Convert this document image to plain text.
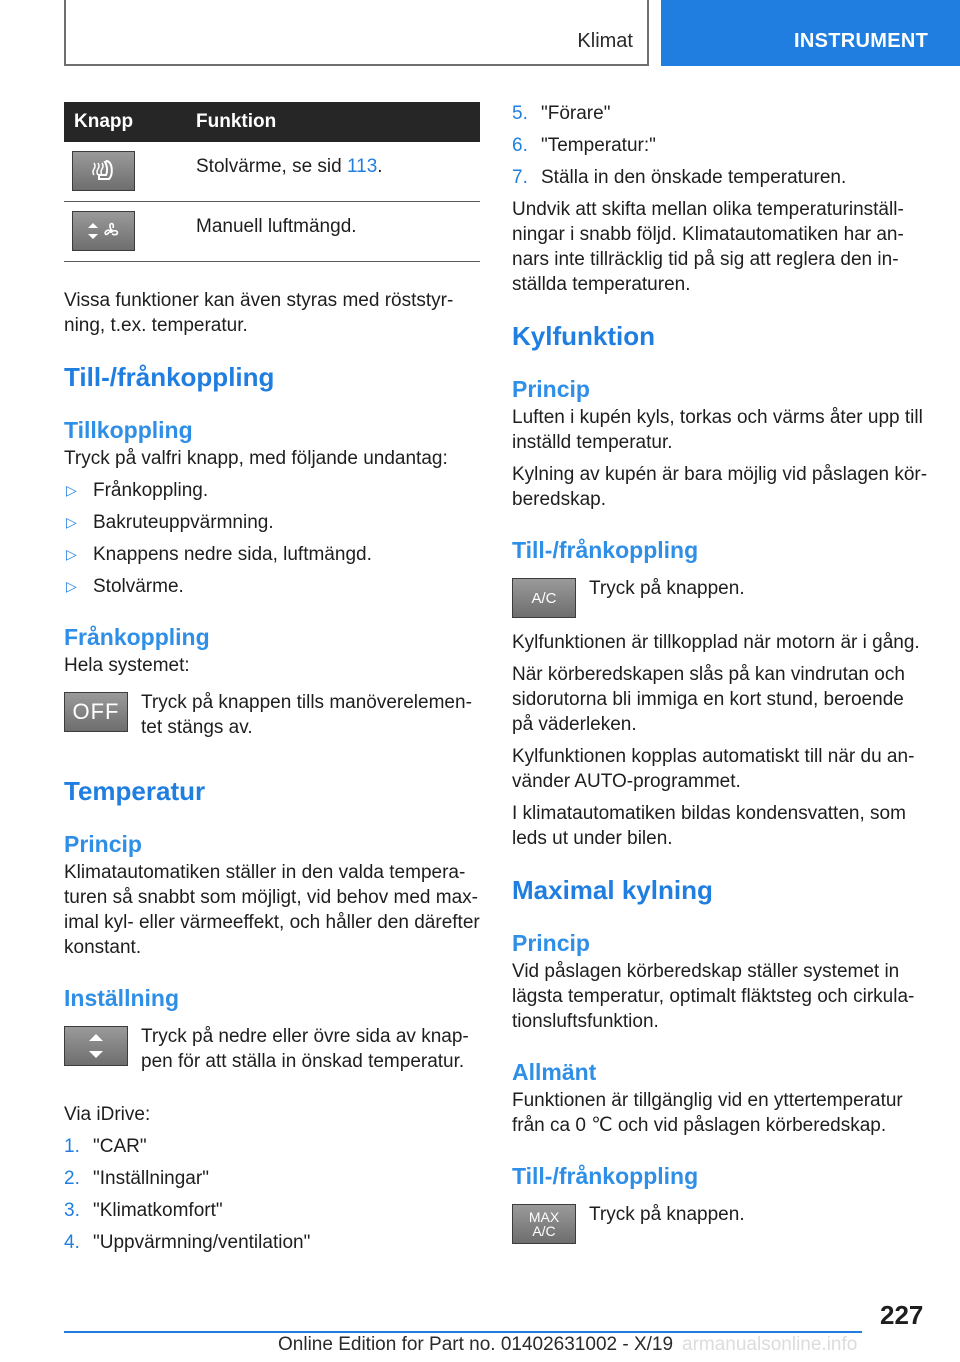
Klimat	INSTRUMENT
Knapp	Funktion

	Stolvärme, se sid 113.

	Manuell luftmängd.

Vissa funktioner kan även styras med röststyrning, t.ex. temperatur.

Till-/frånkoppling
Tillkoppling

Tryck på valfri knapp, med följande undantag:

▷ Frånkoppling.
▷ Bakruteuppvärmning.
▷ Knappens nedre sida, luftmängd.
▷ Stolvärme.
Frånkoppling

Hela systemet:

OFF	Tryck på knappen tills manöverelementet stängs av.
Temperatur
Princip

Klimatautomatiken ställer in den valda temperaturen så snabbt som möjligt, vid behov med maximal kyl- eller värmeeffekt, och håller den därefter konstant.

Inställning
Tryck på nedre eller övre sida av knappen för att ställa in önskad temperatur.

Via iDrive:

1. "CAR"
2. "Inställningar"
3. "Klimatkomfort"
4. "Uppvärmning/ventilation"
5. "Förare"
6. "Temperatur:"
7. Ställa in den önskade temperaturen.

Undvik att skifta mellan olika temperaturinställningar i snabb följd. Klimatautomatiken har annars inte tillräcklig tid på sig att reglera den inställda temperaturen.

Kylfunktion
Princip

Luften i kupén kyls, torkas och värms åter upp till inställd temperatur.

Kylning av kupén är bara möjlig vid påslagen körberedskap.

Till-/frånkoppling
A/C	Tryck på knappen.

Kylfunktionen är tillkopplad när motorn är i gång.

När körberedskapen slås på kan vindrutan och sidorutorna bli immiga en kort stund, beroende på väderleken.

Kylfunktionen kopplas automatiskt till när du använder AUTO-programmet.

I klimatautomatiken bildas kondensvatten, som leds ut under bilen.

Maximal kylning
Princip

Vid påslagen körberedskap ställer systemet in lägsta temperatur, optimalt fläktsteg och cirkulationsluftsfunktion.

Allmänt

Funktionen är tillgänglig vid en yttertemperatur från ca 0 ℃ och vid påslagen körberedskap.

Till-/frånkoppling
MAX
A/C
Tryck på knappen.
227
Online Edition for Part no. 01402631002 - X/19 armanualsonline.info
